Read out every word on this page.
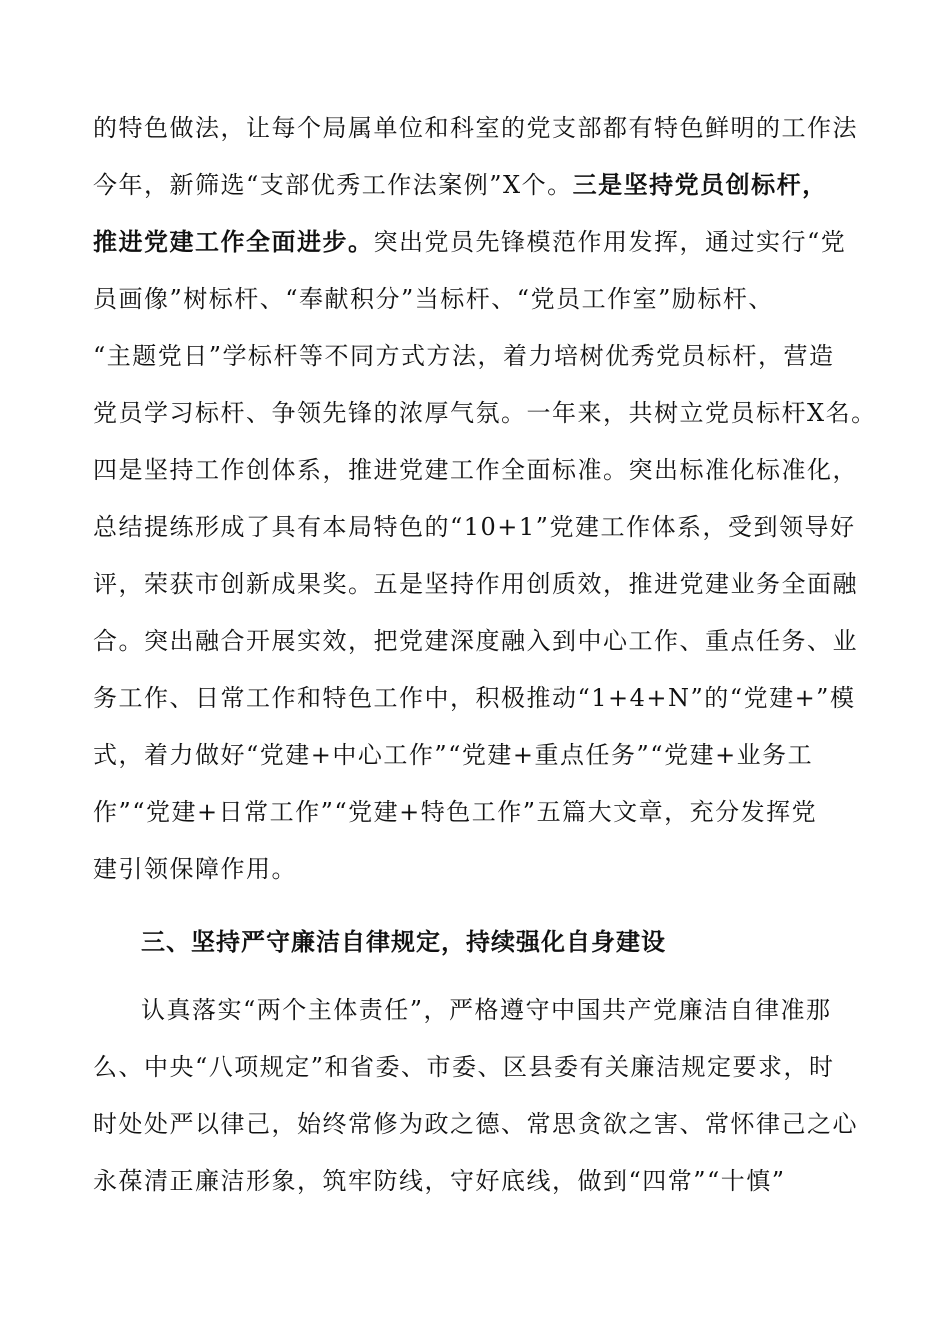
的特色做法，让每个局属单位和科室的党支部都有特色鲜明的工作法
今年，新筛选“支部优秀工作法案例”X个。三是坚持党员创标杆，
推进党建工作全面进步。突出党员先锋模范作用发挥，通过实行“党
员画像”树标杆、“奉献积分”当标杆、“党员工作室”励标杆、
“主题党日”学标杆等不同方式方法，着力培树优秀党员标杆，营造
党员学习标杆、争领先锋的浓厚气氛。一年来，共树立党员标杆X名。
四是坚持工作创体系，推进党建工作全面标准。突出标准化标准化，
总结提练形成了具有本局特色的“10+1”党建工作体系，受到领导好
评，荣获市创新成果奖。五是坚持作用创质效，推进党建业务全面融
合。突出融合开展实效，把党建深度融入到中心工作、重点任务、业
务工作、日常工作和特色工作中，积极推动“1+4+N”的“党建+”模
式，着力做好“党建+中心工作”“党建+重点任务”“党建+业务工
作”“党建+日常工作”“党建+特色工作”五篇大文章，充分发挥党
建引领保障作用。
三、坚持严守廉洁自律规定，持续强化自身建设
认真落实“两个主体责任”，严格遵守中国共产党廉洁自律准那
么、中央“八项规定”和省委、市委、区县委有关廉洁规定要求，时
时处处严以律己，始终常修为政之德、常思贪欲之害、常怀律己之心
永葆清正廉洁形象，筑牢防线，守好底线，做到“四常”“十慎”
